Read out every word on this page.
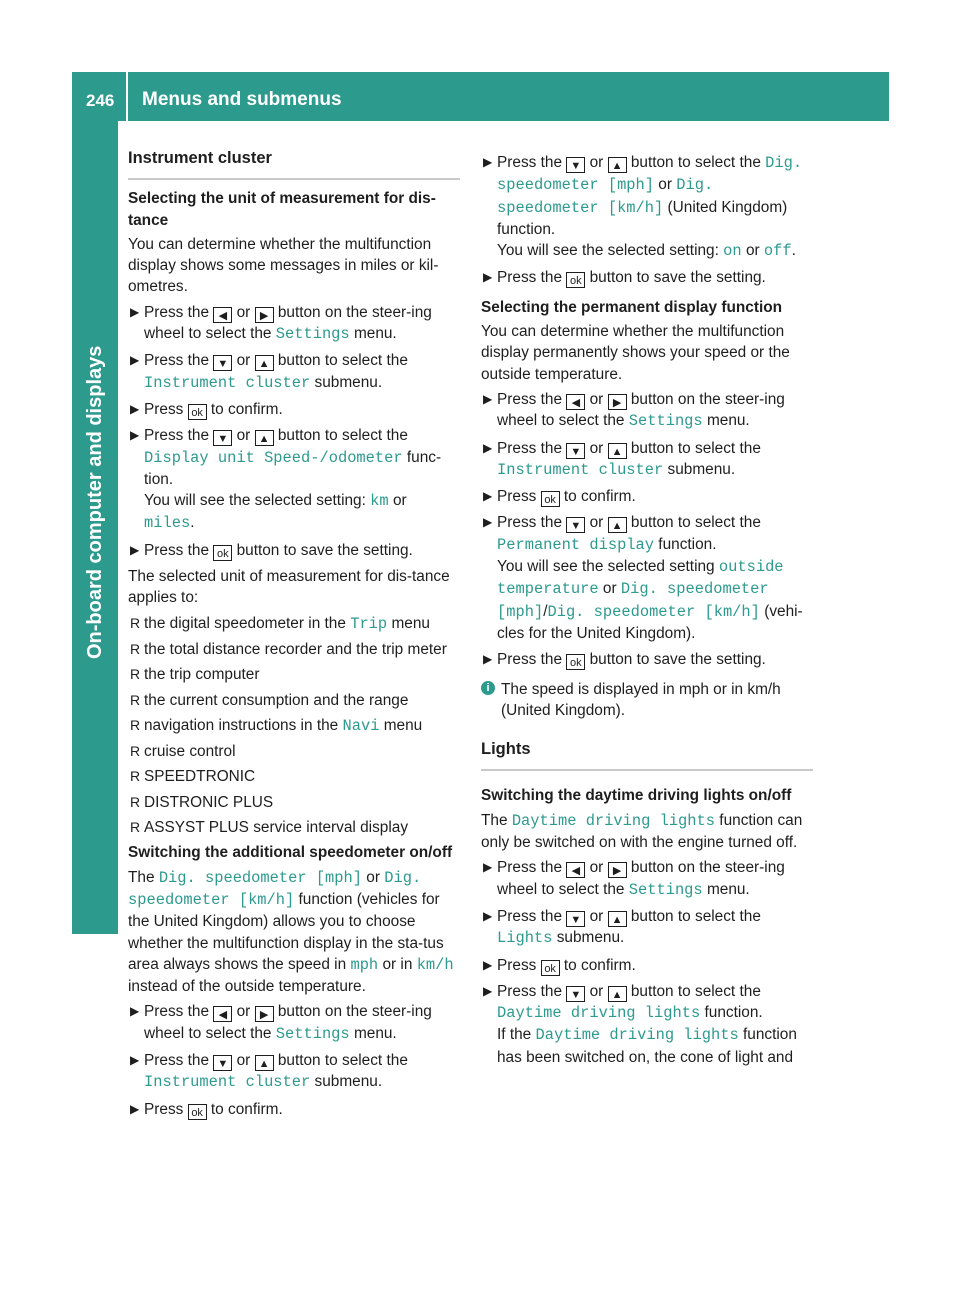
246 Menus and submenus
On-board computer and displays
Instrument cluster
Selecting the unit of measurement for dis-tance

You can determine whether the multifunction display shows some messages in miles or kil-ometres.

▶ Press the ◀ or ▶ button on the steer-ing wheel to select the Settings menu.
▶ Press the ▼ or ▲ button to select the Instrument cluster submenu.
▶ Press ok to confirm.
▶ Press the ▼ or ▲ button to select the Display unit Speed-/odometer func-tion.
You will see the selected setting: km or miles.
▶ Press the ok button to save the setting.

The selected unit of measurement for dis-tance applies to:

R the digital speedometer in the Trip menu
R the total distance recorder and the trip meter
R the trip computer
R the current consumption and the range
R navigation instructions in the Navi menu
R cruise control
R SPEEDTRONIC
R DISTRONIC PLUS
R ASSYST PLUS service interval display
Switching the additional speedometer on/off

The Dig. speedometer [mph] or Dig. speedometer [km/h] function (vehicles for the United Kingdom) allows you to choose whether the multifunction display in the sta-tus area always shows the speed in mph or in km/h instead of the outside temperature.

▶ Press the ◀ or ▶ button on the steer-ing wheel to select the Settings menu.
▶ Press the ▼ or ▲ button to select the Instrument cluster submenu.
▶ Press ok to confirm.
▶ Press the ▼ or ▲ button to select the Dig. speedometer [mph] or Dig. speedometer [km/h] (United Kingdom) function.
You will see the selected setting: on or off.
▶ Press the ok button to save the setting.
Selecting the permanent display function

You can determine whether the multifunction display permanently shows your speed or the outside temperature.

▶ Press the ◀ or ▶ button on the steer-ing wheel to select the Settings menu.
▶ Press the ▼ or ▲ button to select the Instrument cluster submenu.
▶ Press ok to confirm.
▶ Press the ▼ or ▲ button to select the Permanent display function.
You will see the selected setting outside temperature or Dig. speedometer [mph]/Dig. speedometer [km/h] (vehi-cles for the United Kingdom).
▶ Press the ok button to save the setting.
i The speed is displayed in mph or in km/h (United Kingdom).
Lights
Switching the daytime driving lights on/off

The Daytime driving lights function can only be switched on with the engine turned off.

▶ Press the ◀ or ▶ button on the steer-ing wheel to select the Settings menu.
▶ Press the ▼ or ▲ button to select the Lights submenu.
▶ Press ok to confirm.
▶ Press the ▼ or ▲ button to select the Daytime driving lights function.
If the Daytime driving lights function has been switched on, the cone of light and
